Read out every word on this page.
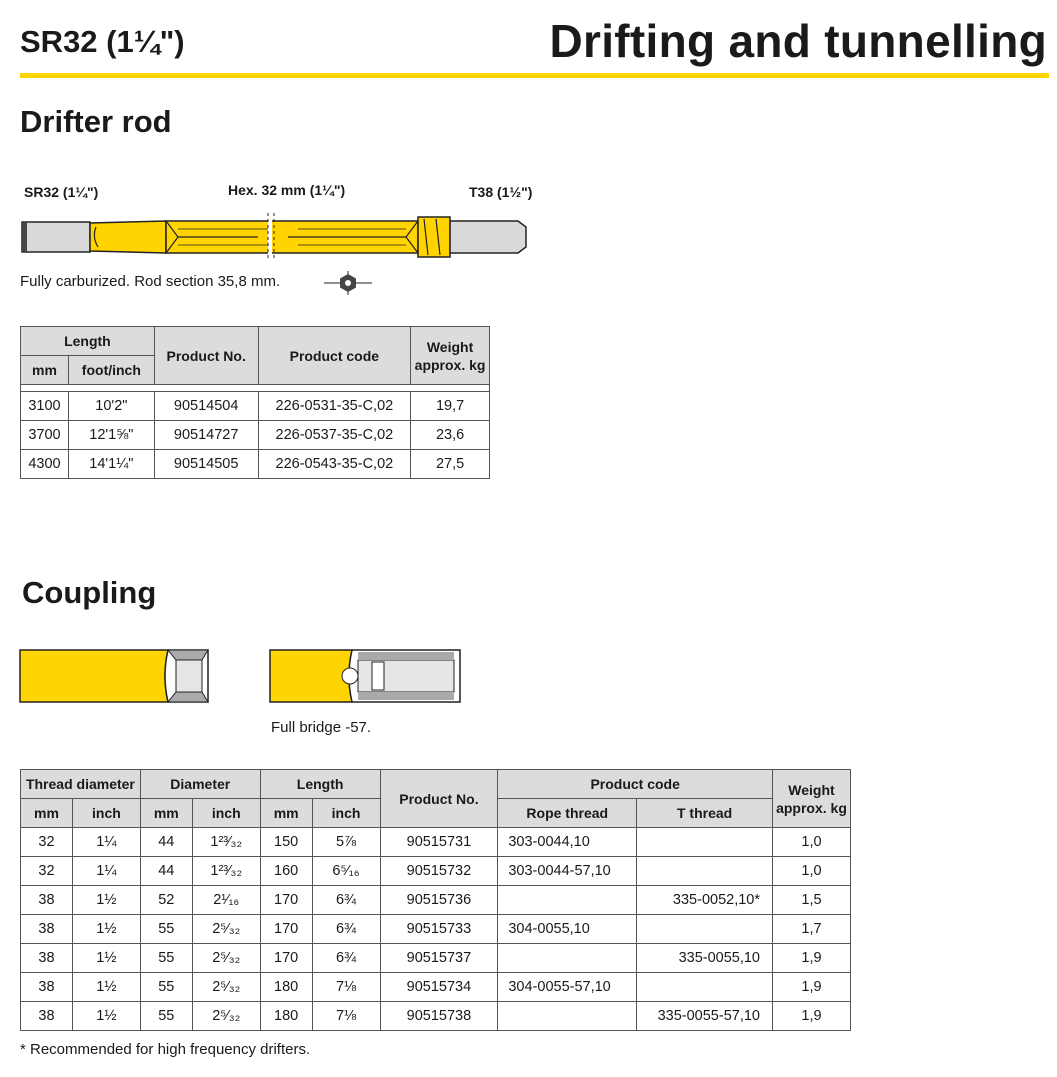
SR32 (1¼")	Drifting and tunnelling
Drifter rod
SR32 (1¼")	Hex. 32 mm (1¼")	T38 (1½")
Fully carburized. Rod section 35,8 mm.
Length		Product No.	Product code	Weight approx. kg
mm	foot/inch			

3100	10'2"	90514504	226-0531-35-C,02	19,7
3700	12'1⅝"	90514727	226-0537-35-C,02	23,6
4300	14'1¼"	90514505	226-0543-35-C,02	27,5
Coupling
Full bridge -57.
Thread diameter		Diameter		Length		Product No.	Product code		Weight approx. kg
mm	inch	mm	inch	mm	inch		Rope thread	T thread	
32	1¼	44	1²³⁄₃₂	150	5⅞	90515731	303-0044,10		1,0
32	1¼	44	1²³⁄₃₂	160	6⁵⁄₁₆	90515732	303-0044-57,10		1,0
38	1½	52	2¹⁄₁₆	170	6¾	90515736		335-0052,10*	1,5
38	1½	55	2⁵⁄₃₂	170	6¾	90515733	304-0055,10		1,7
38	1½	55	2⁵⁄₃₂	170	6¾	90515737		335-0055,10	1,9
38	1½	55	2⁵⁄₃₂	180	7⅛	90515734	304-0055-57,10		1,9
38	1½	55	2⁵⁄₃₂	180	7⅛	90515738		335-0055-57,10	1,9
* Recommended for high frequency drifters.
